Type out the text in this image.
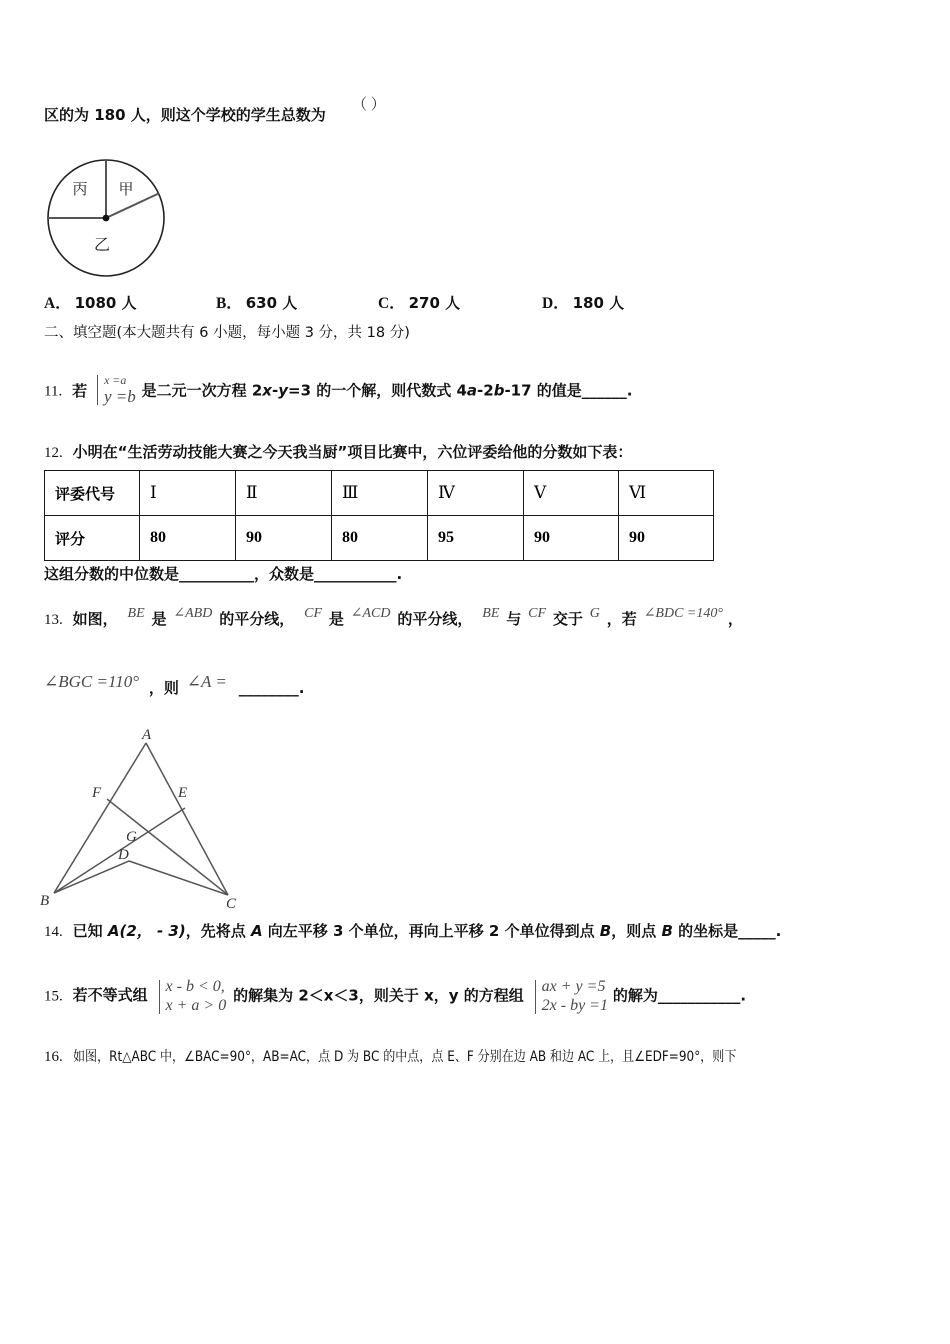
区的为 180 人，则这个学校的学生总数为
（ ）
甲
丙
乙
A． 1080 人	B． 630 人	C． 270 人	D． 180 人
二、填空题(本大题共有 6 小题，每小题 3 分，共 18 分)
11. 若
x =a
y =b 是二元一次方程 2x-y=3 的一个解，则代数式 4a-2b-17 的值是______.
12. 小明在“生活劳动技能大赛之今天我当厨”项目比赛中，六位评委给他的分数如下表：
评委代号	Ⅰ	Ⅱ	Ⅲ	Ⅳ	Ⅴ	Ⅵ
评分	80	90	80	95	90	90
这组分数的中位数是__________，众数是___________.
13. 如图， BE 是 ∠ABD 的平分线， CF 是 ∠ACD 的平分线， BE 与 CF 交于 G ，若 ∠BDC =140° ，
∠BGC =110° ，则 ∠A = ________.
A
E
F
G
D
B	C
14. 已知 A(2， - 3)，先将点 A 向左平移 3 个单位，再向上平移 2 个单位得到点 B，则点 B 的坐标是_____.
15. 若不等式组 x - b < 0,
x + a > 0
的解集为 2＜x＜3，则关于 x，y 的方程组 ax + y =5
2x - by =1
的解为___________.
16. 如图，Rt△ABC 中，∠BAC=90°，AB=AC，点 D 为 BC 的中点，点 E、F 分别在边 AB 和边 AC 上，且∠EDF=90°，则下
